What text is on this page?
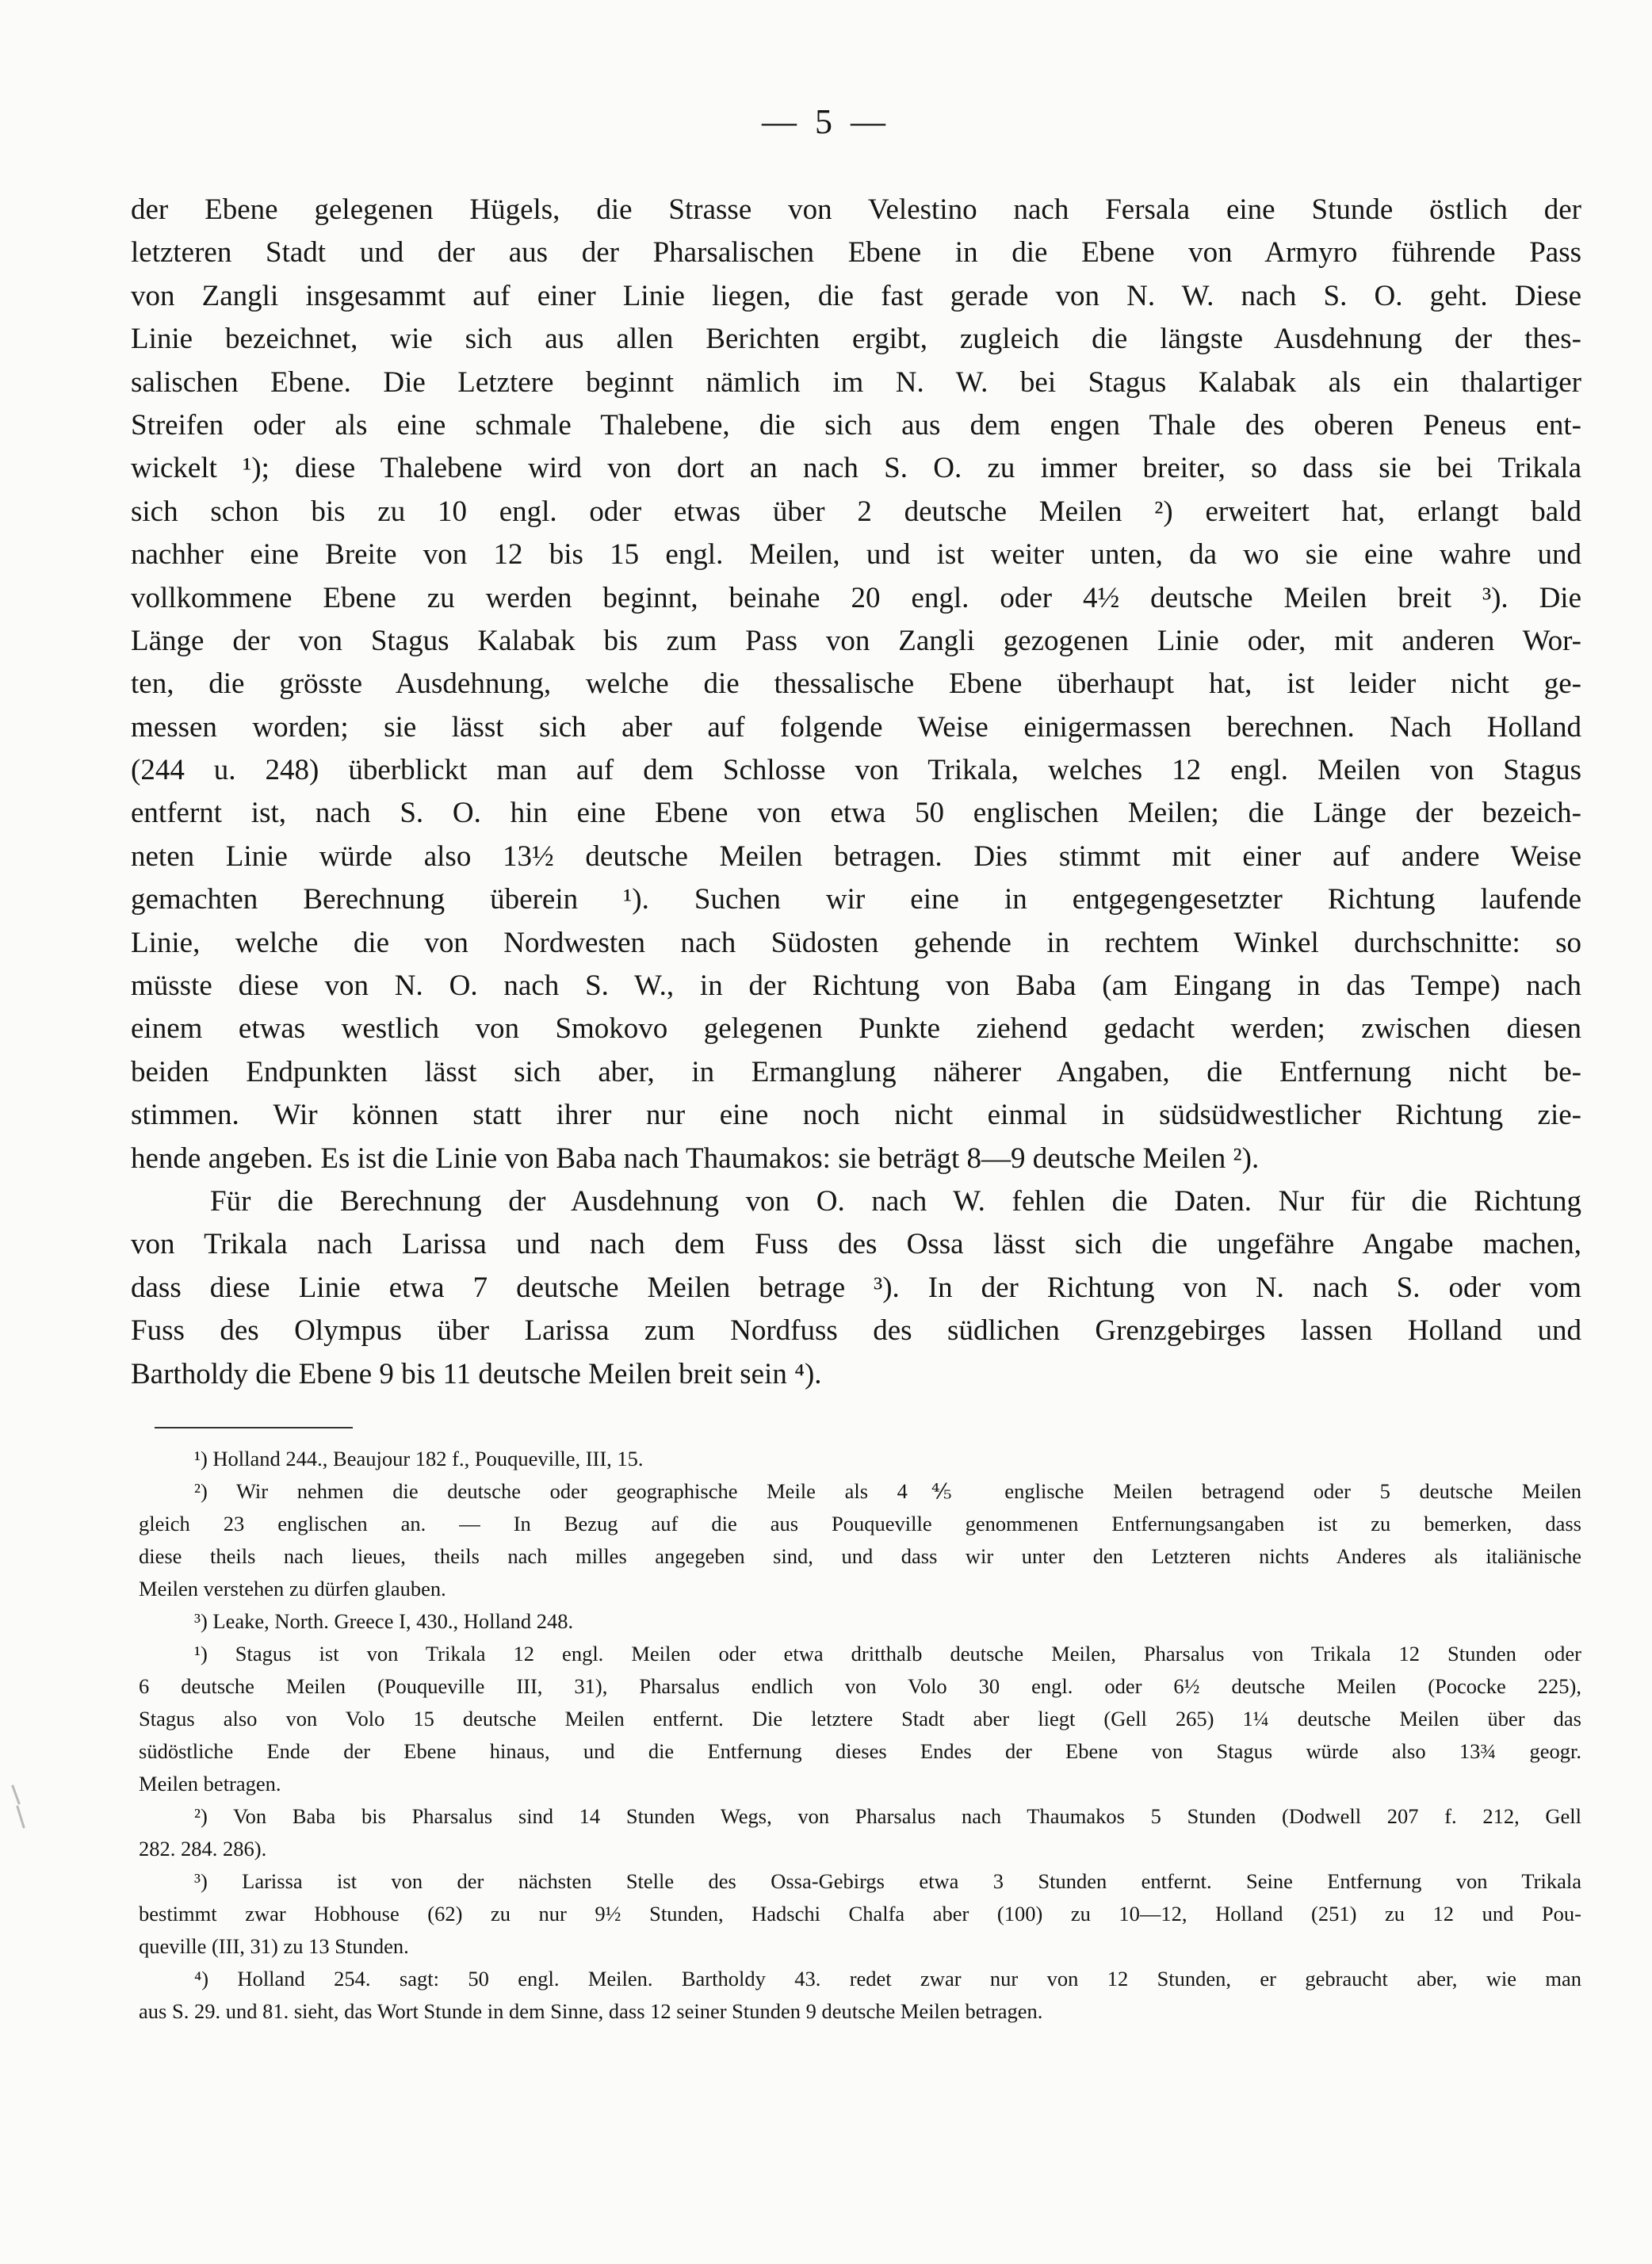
— 5 —
der Ebene gelegenen Hügels, die Strasse von Velestino nach Fersala eine Stunde östlich der
letzteren Stadt und der aus der Pharsalischen Ebene in die Ebene von Armyro führende Pass
von Zangli insgesammt auf einer Linie liegen, die fast gerade von N. W. nach S. O. geht. Diese
Linie bezeichnet, wie sich aus allen Berichten ergibt, zugleich die längste Ausdehnung der thes-
salischen Ebene. Die Letztere beginnt nämlich im N. W. bei Stagus Kalabak als ein thalartiger
Streifen oder als eine schmale Thalebene, die sich aus dem engen Thale des oberen Peneus ent-
wickelt ¹); diese Thalebene wird von dort an nach S. O. zu immer breiter, so dass sie bei Trikala
sich schon bis zu 10 engl. oder etwas über 2 deutsche Meilen ²) erweitert hat, erlangt bald
nachher eine Breite von 12 bis 15 engl. Meilen, und ist weiter unten, da wo sie eine wahre und
vollkommene Ebene zu werden beginnt, beinahe 20 engl. oder 4½ deutsche Meilen breit ³). Die
Länge der von Stagus Kalabak bis zum Pass von Zangli gezogenen Linie oder, mit anderen Wor-
ten, die grösste Ausdehnung, welche die thessalische Ebene überhaupt hat, ist leider nicht ge-
messen worden; sie lässt sich aber auf folgende Weise einigermassen berechnen. Nach Holland
(244 u. 248) überblickt man auf dem Schlosse von Trikala, welches 12 engl. Meilen von Stagus
entfernt ist, nach S. O. hin eine Ebene von etwa 50 englischen Meilen; die Länge der bezeich-
neten Linie würde also 13½ deutsche Meilen betragen. Dies stimmt mit einer auf andere Weise
gemachten Berechnung überein ¹). Suchen wir eine in entgegengesetzter Richtung laufende
Linie, welche die von Nordwesten nach Südosten gehende in rechtem Winkel durchschnitte: so
müsste diese von N. O. nach S. W., in der Richtung von Baba (am Eingang in das Tempe) nach
einem etwas westlich von Smokovo gelegenen Punkte ziehend gedacht werden; zwischen diesen
beiden Endpunkten lässt sich aber, in Ermanglung näherer Angaben, die Entfernung nicht be-
stimmen. Wir können statt ihrer nur eine noch nicht einmal in südsüdwestlicher Richtung zie-
hende angeben. Es ist die Linie von Baba nach Thaumakos: sie beträgt 8—9 deutsche Meilen ²).
Für die Berechnung der Ausdehnung von O. nach W. fehlen die Daten. Nur für die Richtung
von Trikala nach Larissa und nach dem Fuss des Ossa lässt sich die ungefähre Angabe machen,
dass diese Linie etwa 7 deutsche Meilen betrage ³). In der Richtung von N. nach S. oder vom
Fuss des Olympus über Larissa zum Nordfuss des südlichen Grenzgebirges lassen Holland und
Bartholdy die Ebene 9 bis 11 deutsche Meilen breit sein ⁴).
¹) Holland 244., Beaujour 182 f., Pouqueville, III, 15.
²) Wir nehmen die deutsche oder geographische Meile als 4⅘ englische Meilen betragend oder 5 deutsche Meilen
gleich 23 englischen an. — In Bezug auf die aus Pouqueville genommenen Entfernungsangaben ist zu bemerken, dass
diese theils nach lieues, theils nach milles angegeben sind, und dass wir unter den Letzteren nichts Anderes als italiänische
Meilen verstehen zu dürfen glauben.
³) Leake, North. Greece I, 430., Holland 248.
¹) Stagus ist von Trikala 12 engl. Meilen oder etwa dritthalb deutsche Meilen, Pharsalus von Trikala 12 Stunden oder
6 deutsche Meilen (Pouqueville III, 31), Pharsalus endlich von Volo 30 engl. oder 6½ deutsche Meilen (Pococke 225),
Stagus also von Volo 15 deutsche Meilen entfernt. Die letztere Stadt aber liegt (Gell 265) 1¼ deutsche Meilen über das
südöstliche Ende der Ebene hinaus, und die Entfernung dieses Endes der Ebene von Stagus würde also 13¾ geogr.
Meilen betragen.
²) Von Baba bis Pharsalus sind 14 Stunden Wegs, von Pharsalus nach Thaumakos 5 Stunden (Dodwell 207 f. 212, Gell
282. 284. 286).
³) Larissa ist von der nächsten Stelle des Ossa-Gebirgs etwa 3 Stunden entfernt. Seine Entfernung von Trikala
bestimmt zwar Hobhouse (62) zu nur 9½ Stunden, Hadschi Chalfa aber (100) zu 10—12, Holland (251) zu 12 und Pou-
queville (III, 31) zu 13 Stunden.
⁴) Holland 254. sagt: 50 engl. Meilen. Bartholdy 43. redet zwar nur von 12 Stunden, er gebraucht aber, wie man
aus S. 29. und 81. sieht, das Wort Stunde in dem Sinne, dass 12 seiner Stunden 9 deutsche Meilen betragen.
